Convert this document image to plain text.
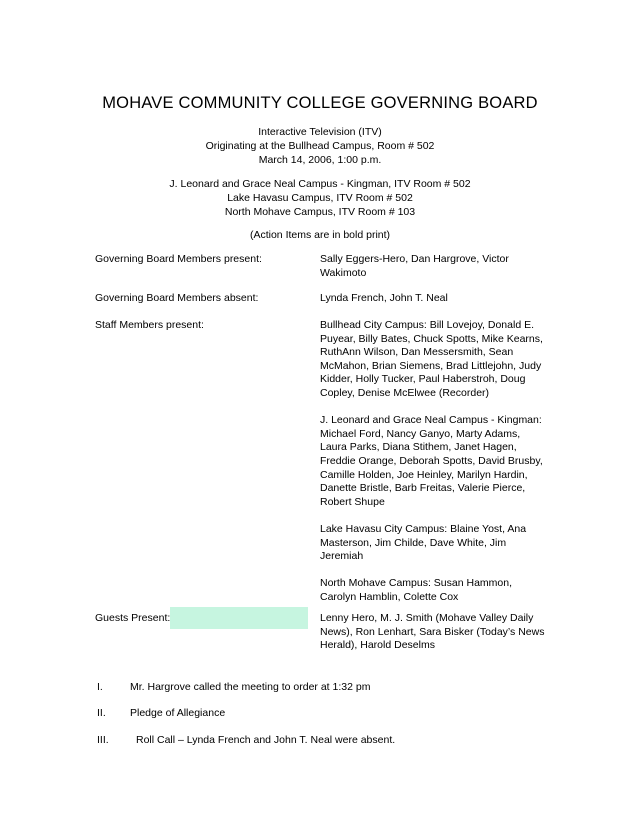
MOHAVE COMMUNITY COLLEGE GOVERNING BOARD
Interactive Television (ITV)
Originating at the Bullhead Campus, Room # 502
March 14, 2006, 1:00 p.m.
J. Leonard and Grace Neal Campus - Kingman, ITV Room # 502
Lake Havasu Campus, ITV Room # 502
North Mohave Campus, ITV Room # 103
(Action Items are in bold print)
Governing Board Members present:	Sally Eggers-Hero, Dan Hargrove, Victor Wakimoto
Governing Board Members absent:	Lynda French, John T. Neal
Staff Members present:	Bullhead City Campus: Bill Lovejoy, Donald E. Puyear, Billy Bates, Chuck Spotts, Mike Kearns, RuthAnn Wilson, Dan Messersmith, Sean McMahon, Brian Siemens, Brad Littlejohn, Judy Kidder, Holly Tucker, Paul Haberstroh, Doug Copley, Denise McElwee (Recorder)

J. Leonard and Grace Neal Campus - Kingman: Michael Ford, Nancy Ganyo, Marty Adams, Laura Parks, Diana Stithem, Janet Hagen, Freddie Orange, Deborah Spotts, David Brusby, Camille Holden, Joe Heinley, Marilyn Hardin, Danette Bristle, Barb Freitas, Valerie Pierce, Robert Shupe

Lake Havasu City Campus: Blaine Yost, Ana Masterson, Jim Childe, Dave White, Jim Jeremiah

North Mohave Campus: Susan Hammon, Carolyn Hamblin, Colette Cox

Guests Present:	Lenny Hero, M. J. Smith (Mohave Valley Daily News), Ron Lenhart, Sara Bisker (Today’s News Herald), Harold Deselms
I.	Mr. Hargrove called the meeting to order at 1:32 pm
II. Pledge of Allegiance
III.	Roll Call – Lynda French and John T. Neal were absent.
